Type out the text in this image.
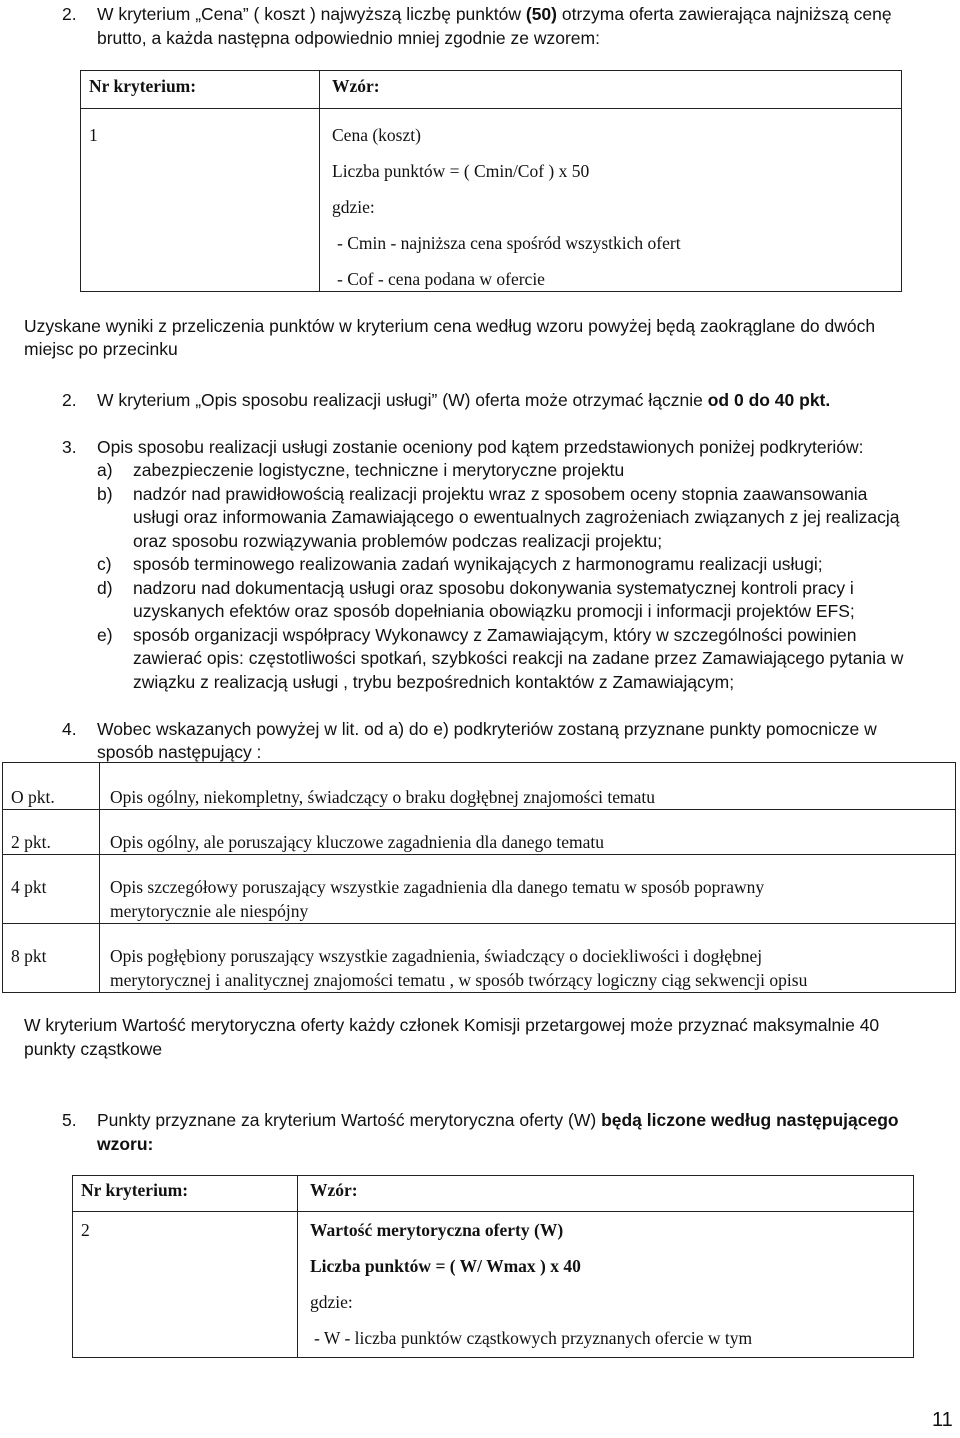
2. W kryterium „Cena” ( koszt ) najwyższą liczbę punktów (50) otrzyma oferta zawierająca najniższą cenę
brutto, a każda następna odpowiednio mniej zgodnie ze wzorem:
Nr kryterium:	Wzór:
1	Cena (koszt)
Liczba punktów = ( Cmin/Cof ) x 50
gdzie:
- Cmin - najniższa cena spośród wszystkich ofert
- Cof - cena podana w ofercie
Uzyskane wyniki z przeliczenia punktów w kryterium cena według wzoru powyżej będą zaokrąglane do dwóch
miejsc po przecinku
2. W kryterium „Opis sposobu realizacji usługi” (W) oferta może otrzymać łącznie od 0 do 40 pkt.
3. Opis sposobu realizacji usługi zostanie oceniony pod kątem przedstawionych poniżej podkryteriów:
a) zabezpieczenie logistyczne, techniczne i merytoryczne projektu
b) nadzór nad prawidłowością realizacji projektu wraz z sposobem oceny stopnia zaawansowania
usługi oraz informowania Zamawiającego o ewentualnych zagrożeniach związanych z jej realizacją
oraz sposobu rozwiązywania problemów podczas realizacji projektu;
c) sposób terminowego realizowania zadań wynikających z harmonogramu realizacji usługi;
d) nadzoru nad dokumentacją usługi oraz sposobu dokonywania systematycznej kontroli pracy i
uzyskanych efektów oraz sposób dopełniania obowiązku promocji i informacji projektów EFS;
e) sposób organizacji współpracy Wykonawcy z Zamawiającym, który w szczególności powinien
zawierać opis: częstotliwości spotkań, szybkości reakcji na zadane przez Zamawiającego pytania w
związku z realizacją usługi , trybu bezpośrednich kontaktów z Zamawiającym;
4. Wobec wskazanych powyżej w lit. od a) do e) podkryteriów zostaną przyznane punkty pomocnicze w
sposób następujący :
O pkt.	Opis ogólny, niekompletny, świadczący o braku dogłębnej znajomości tematu

2 pkt.	Opis ogólny, ale poruszający kluczowe zagadnienia dla danego tematu

4 pkt	Opis szczegółowy poruszający wszystkie zagadnienia dla danego tematu w sposób poprawny
merytorycznie ale niespójny

8 pkt	Opis pogłębiony poruszający wszystkie zagadnienia, świadczący o dociekliwości i dogłębnej
merytorycznej i analitycznej znajomości tematu , w sposób twórzący logiczny ciąg sekwencji opisu
W kryterium Wartość merytoryczna oferty każdy członek Komisji przetargowej może przyznać maksymalnie 40
punkty cząstkowe
5. Punkty przyznane za kryterium Wartość merytoryczna oferty (W) będą liczone według następującego
wzoru:
Nr kryterium:	Wzór:
2	Wartość merytoryczna oferty (W)
Liczba punktów = ( W/ Wmax ) x 40
gdzie:
- W - liczba punktów cząstkowych przyznanych ofercie w tym
11
